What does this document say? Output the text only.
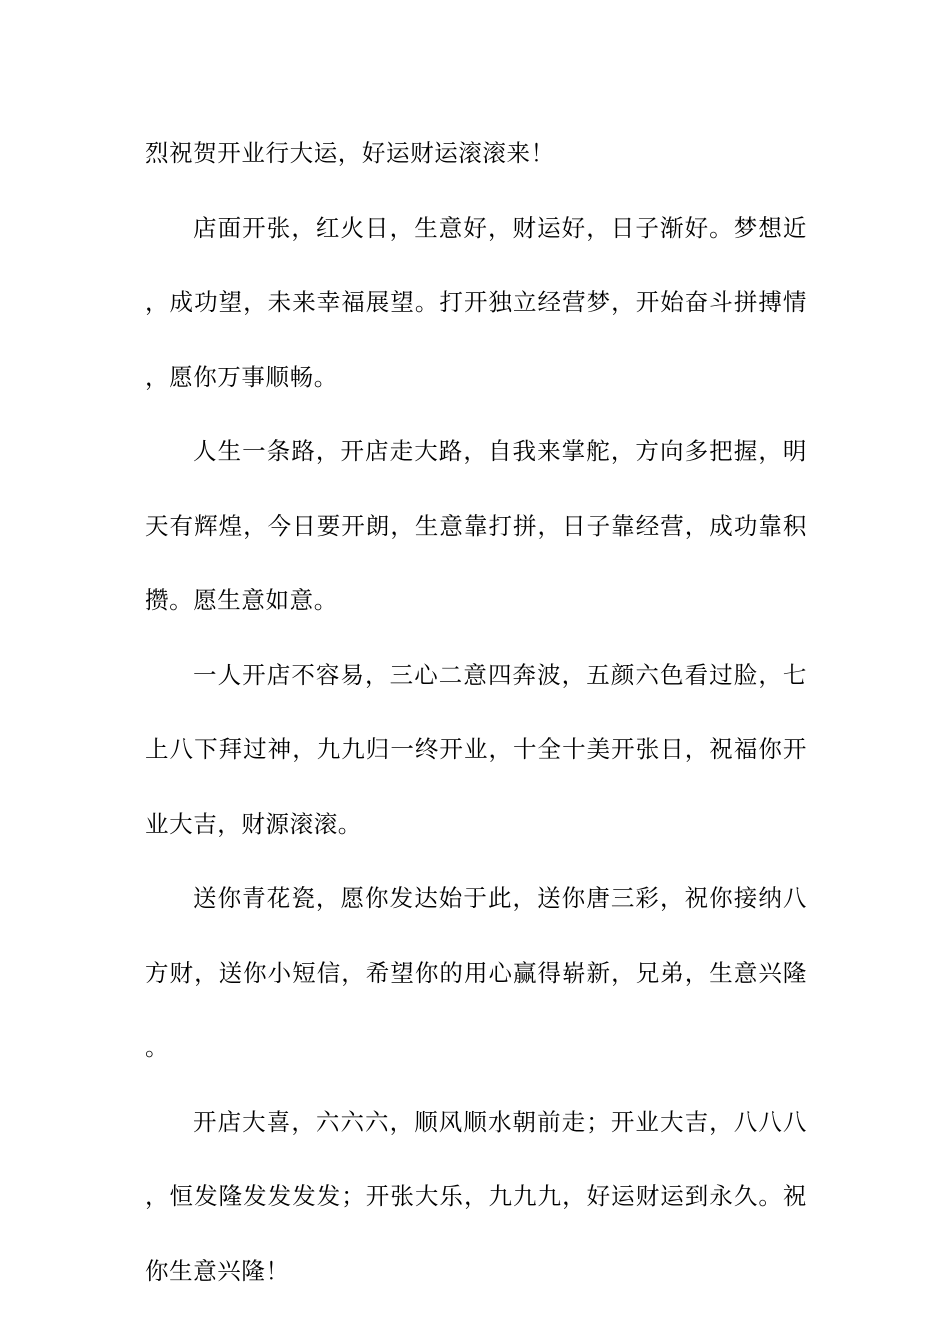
烈祝贺开业行大运，好运财运滚滚来！

店面开张，红火日，生意好，财运好，日子渐好。梦想近，成功望，未来幸福展望。打开独立经营梦，开始奋斗拼搏情，愿你万事顺畅。

人生一条路，开店走大路，自我来掌舵，方向多把握，明天有辉煌，今日要开朗，生意靠打拼，日子靠经营，成功靠积攒。愿生意如意。

一人开店不容易，三心二意四奔波，五颜六色看过脸，七上八下拜过神，九九归一终开业，十全十美开张日，祝福你开业大吉，财源滚滚。

送你青花瓷，愿你发达始于此，送你唐三彩，祝你接纳八方财，送你小短信，希望你的用心赢得崭新，兄弟，生意兴隆。

开店大喜，六六六，顺风顺水朝前走；开业大吉，八八八，恒发隆发发发发；开张大乐，九九九，好运财运到永久。祝你生意兴隆！
